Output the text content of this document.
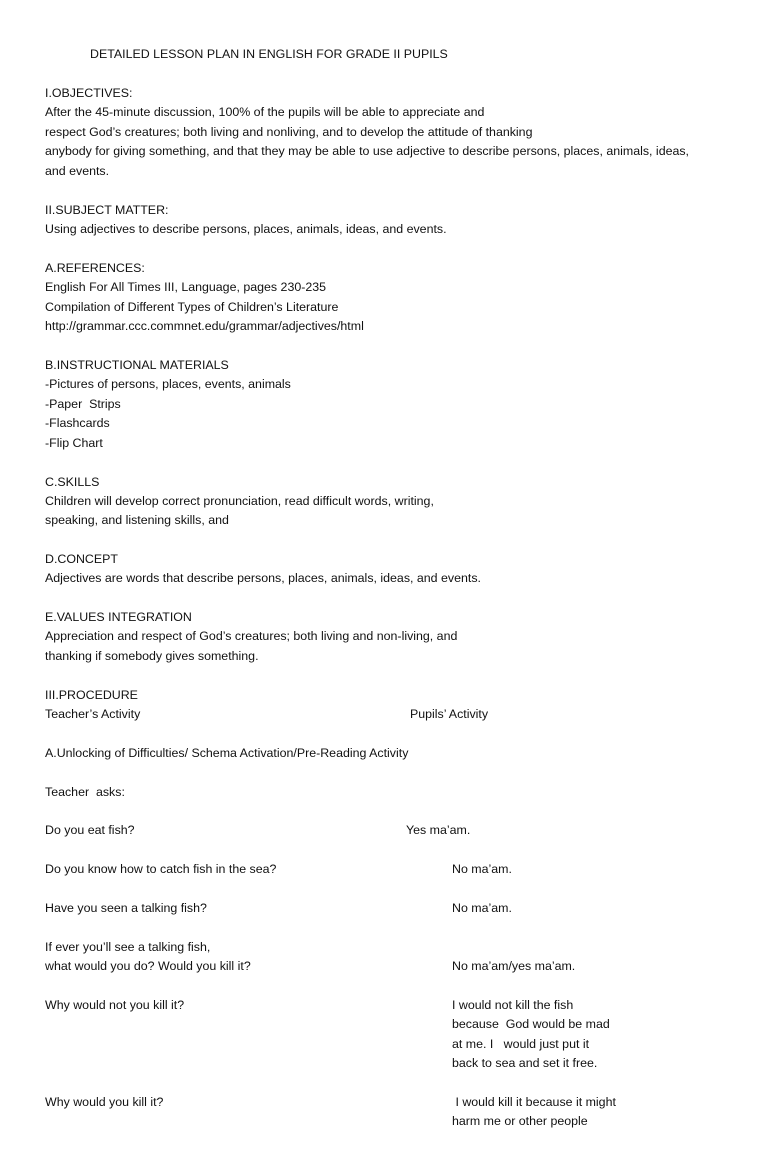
DETAILED LESSON PLAN IN ENGLISH FOR GRADE II PUPILS
I.OBJECTIVES:
After the 45-minute discussion, 100% of the pupils will be able to appreciate and
respect God’s creatures; both living and nonliving, and to develop the attitude of thanking
anybody for giving something, and that they may be able to use adjective to describe persons, places, animals, ideas,
and events.
II.SUBJECT MATTER:
Using adjectives to describe persons, places, animals, ideas, and events.
A.REFERENCES:
English For All Times III, Language, pages 230-235
Compilation of Different Types of Children’s Literature
http://grammar.ccc.commnet.edu/grammar/adjectives/html
B.INSTRUCTIONAL MATERIALS
-Pictures of persons, places, events, animals
-Paper  Strips
-Flashcards
-Flip Chart
C.SKILLS
Children will develop correct pronunciation, read difficult words, writing,
speaking, and listening skills, and
D.CONCEPT
Adjectives are words that describe persons, places, animals, ideas, and events.
E.VALUES INTEGRATION
Appreciation and respect of God’s creatures; both living and non-living, and
thanking if somebody gives something.
III.PROCEDURE
Teacher’s Activity	Pupils’ Activity
A.Unlocking of Difficulties/ Schema Activation/Pre-Reading Activity
Teacher  asks:
Do you eat fish?	Yes ma’am.
Do you know how to catch fish in the sea?	No ma’am.
Have you seen a talking fish?	No ma’am.
If ever you’ll see a talking fish,
what would you do? Would you kill it?	No ma’am/yes ma’am.
Why would not you kill it?	I would not kill the fish
because  God would be mad
at me. I   would just put it
back to sea and set it free.
Why would you kill it?	I would kill it because it might
harm me or other people
